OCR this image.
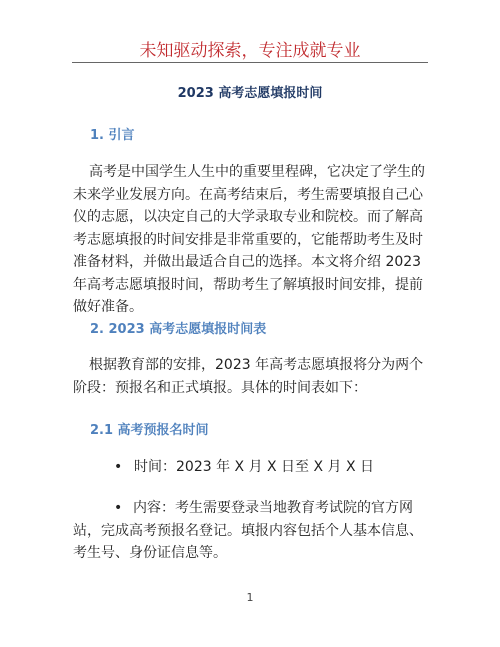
未知驱动探索，专注成就专业
2023 高考志愿填报时间
1. 引言
高考是中国学生人生中的重要里程碑，它决定了学生的未来学业发展方向。在高考结束后，考生需要填报自己心仪的志愿，以决定自己的大学录取专业和院校。而了解高考志愿填报的时间安排是非常重要的，它能帮助考生及时准备材料，并做出最适合自己的选择。本文将介绍 2023 年高考志愿填报时间，帮助考生了解填报时间安排，提前做好准备。
2. 2023 高考志愿填报时间表
根据教育部的安排，2023 年高考志愿填报将分为两个阶段：预报名和正式填报。具体的时间表如下：
2.1 高考预报名时间
• 时间：2023 年 X 月 X 日至 X 月 X 日
• 内容：考生需要登录当地教育考试院的官方网站，完成高考预报名登记。填报内容包括个人基本信息、考生号、身份证信息等。
1
